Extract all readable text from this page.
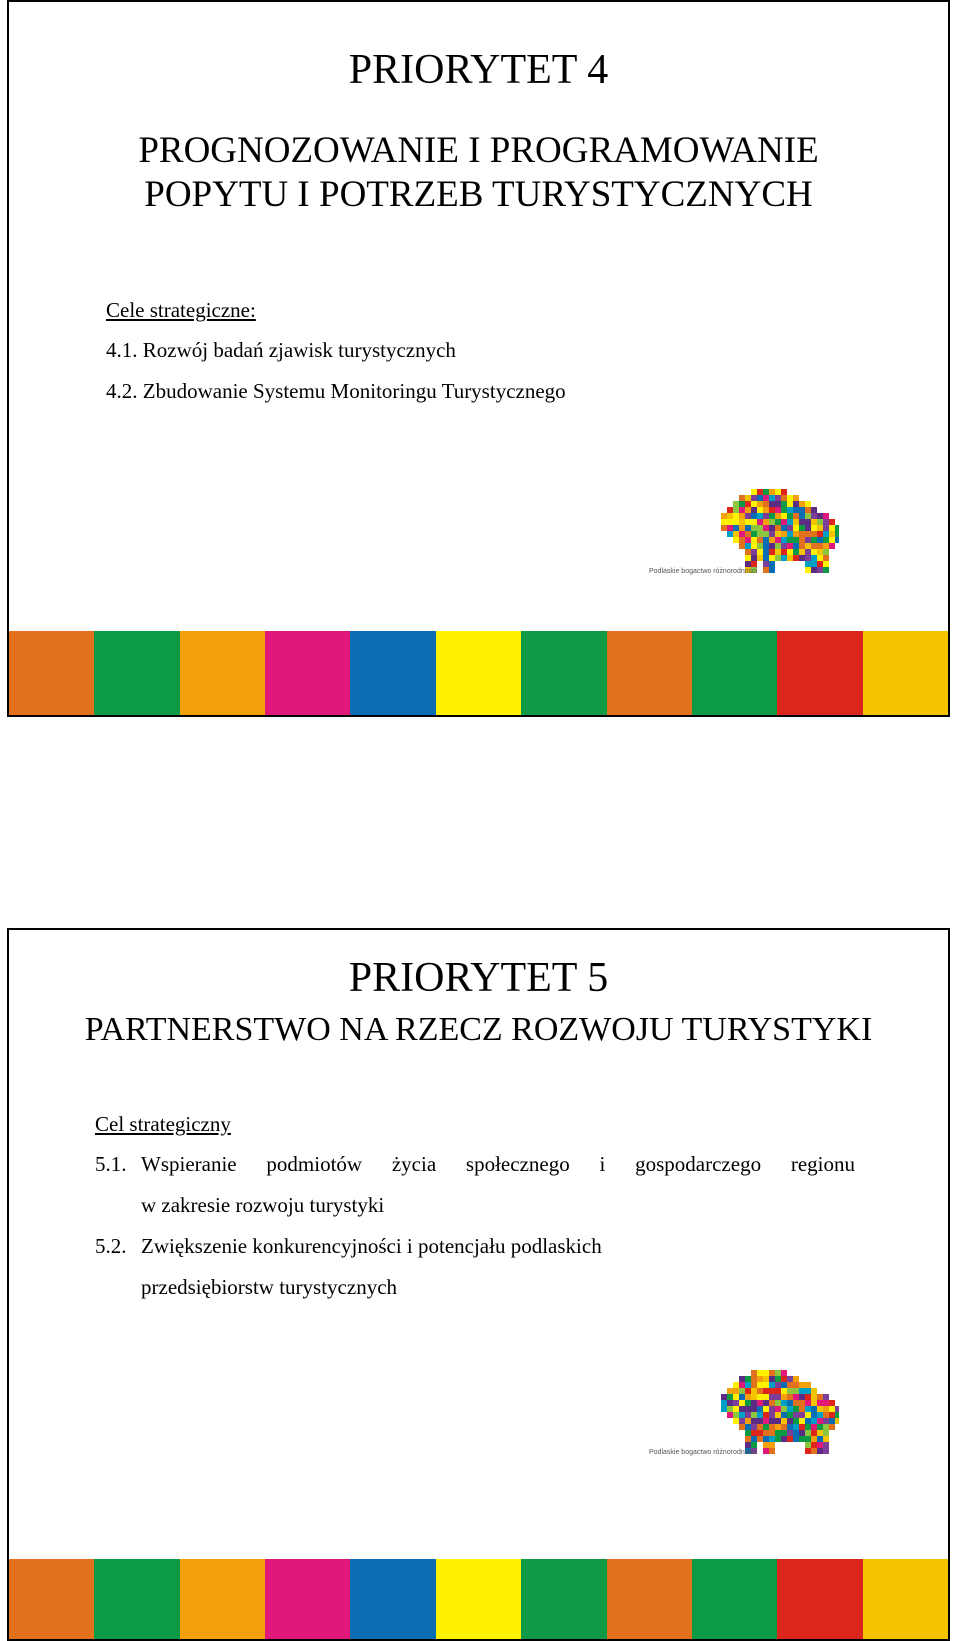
PRIORYTET 4
PROGNOZOWANIE I PROGRAMOWANIE
POPYTU I POTRZEB TURYSTYCZNYCH

Cele strategiczne:

4.1. Rozwój badań zjawisk turystycznych

4.2. Zbudowanie Systemu Monitoringu Turystycznego

Podlaskie bogactwo różnorodności
PRIORYTET 5
PARTNERSTWO NA RZECZ ROZWOJU TURYSTYKI

Cel strategiczny

5.1. Wspieranie podmiotów życia społecznego i gospodarczego regionu
w zakresie rozwoju turystyki
5.2. Zwiększenie konkurencyjności i potencjału podlaskich
przedsiębiorstw turystycznych
Podlaskie bogactwo różnorodności
